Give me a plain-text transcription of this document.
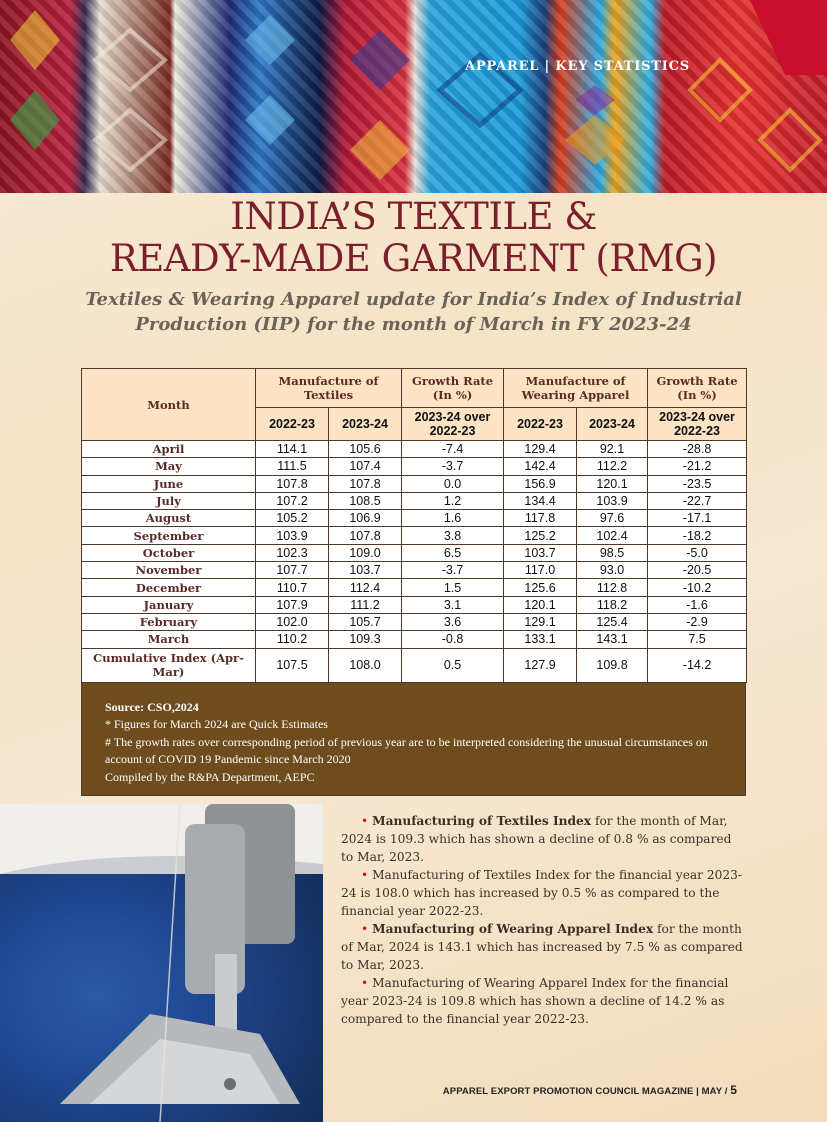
APPAREL | KEY STATISTICS
INDIA’S TEXTILE &
READY-MADE GARMENT (RMG)
Textiles & Wearing Apparel update for India’s Index of Industrial
Production (IIP) for the month of March in FY 2023-24
Month	Manufacture of Textiles		Growth Rate (In %)	Manufacture of Wearing Apparel		Growth Rate (In %)
	2022-23	2023-24	2023-24 over 2022-23	2022-23	2023-24	2023-24 over 2022-23
April	114.1	105.6	-7.4	129.4	92.1	-28.8
May	111.5	107.4	-3.7	142.4	112.2	-21.2
June	107.8	107.8	0.0	156.9	120.1	-23.5
July	107.2	108.5	1.2	134.4	103.9	-22.7
August	105.2	106.9	1.6	117.8	97.6	-17.1
September	103.9	107.8	3.8	125.2	102.4	-18.2
October	102.3	109.0	6.5	103.7	98.5	-5.0
November	107.7	103.7	-3.7	117.0	93.0	-20.5
December	110.7	112.4	1.5	125.6	112.8	-10.2
January	107.9	111.2	3.1	120.1	118.2	-1.6
February	102.0	105.7	3.6	129.1	125.4	-2.9
March	110.2	109.3	-0.8	133.1	143.1	7.5
Cumulative Index (Apr-Mar)	107.5	108.0	0.5	127.9	109.8	-14.2
Source: CSO,2024
* Figures for March 2024 are Quick Estimates
# The growth rates over corresponding period of previous year are to be interpreted considering the unusual circumstances on account of COVID 19 Pandemic since March 2020
Compiled by the R&PA Department, AEPC

• Manufacturing of Textiles Index for the month of Mar, 2024 is 109.3 which has shown a decline of 0.8 % as compared to Mar, 2023.

• Manufacturing of Textiles Index for the financial year 2023-24 is 108.0 which has increased by 0.5 % as compared to the financial year 2022-23.

• Manufacturing of Wearing Apparel Index for the month of Mar, 2024 is 143.1 which has increased by 7.5 % as compared to Mar, 2023.

• Manufacturing of Wearing Apparel Index for the financial year 2023-24 is 109.8 which has shown a decline of 14.2 % as compared to the financial year 2022-23.

APPAREL EXPORT PROMOTION COUNCIL MAGAZINE | MAY / 5
